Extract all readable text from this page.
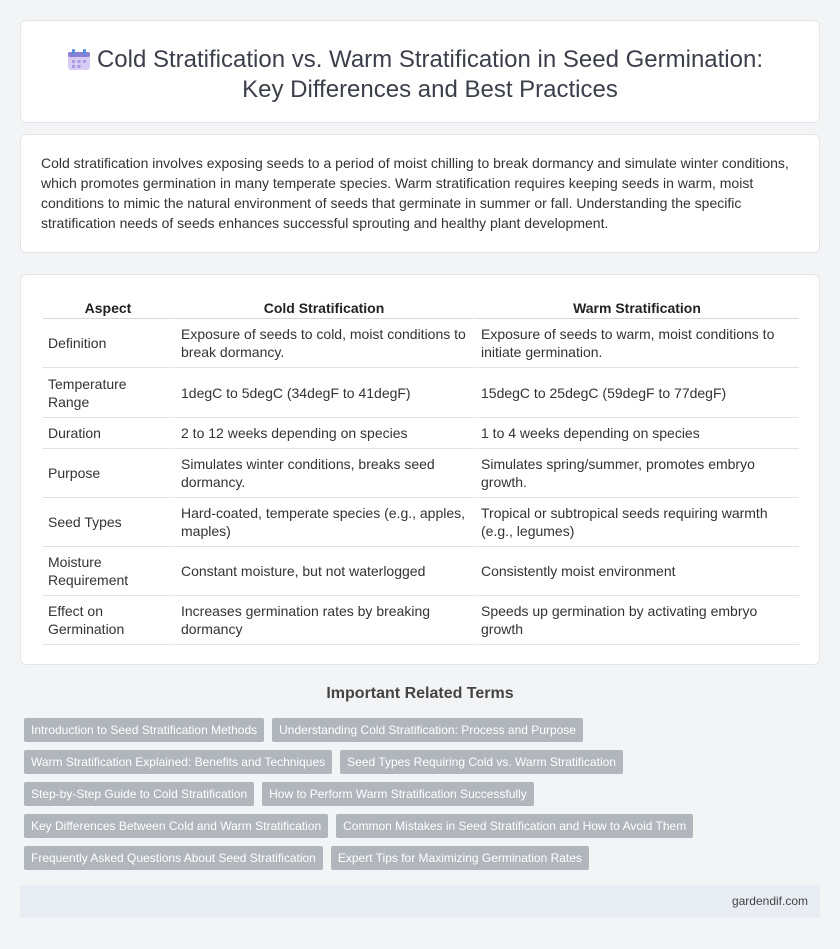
Cold Stratification vs. Warm Stratification in Seed Germination: Key Differences and Best Practices

Cold stratification involves exposing seeds to a period of moist chilling to break dormancy and simulate winter conditions, which promotes germination in many temperate species. Warm stratification requires keeping seeds in warm, moist conditions to mimic the natural environment of seeds that germinate in summer or fall. Understanding the specific stratification needs of seeds enhances successful sprouting and healthy plant development.

Aspect	Cold Stratification	Warm Stratification
Definition	Exposure of seeds to cold, moist conditions to break dormancy.	Exposure of seeds to warm, moist conditions to initiate germination.
Temperature Range	1degC to 5degC (34degF to 41degF)	15degC to 25degC (59degF to 77degF)
Duration	2 to 12 weeks depending on species	1 to 4 weeks depending on species
Purpose	Simulates winter conditions, breaks seed dormancy.	Simulates spring/summer, promotes embryo growth.
Seed Types	Hard-coated, temperate species (e.g., apples, maples)	Tropical or subtropical seeds requiring warmth (e.g., legumes)
Moisture Requirement	Constant moisture, but not waterlogged	Consistently moist environment
Effect on Germination	Increases germination rates by breaking dormancy	Speeds up germination by activating embryo growth
Important Related Terms
Introduction to Seed Stratification Methods	Understanding Cold Stratification: Process and Purpose
Warm Stratification Explained: Benefits and Techniques	Seed Types Requiring Cold vs. Warm Stratification
Step-by-Step Guide to Cold Stratification	How to Perform Warm Stratification Successfully
Key Differences Between Cold and Warm Stratification	Common Mistakes in Seed Stratification and How to Avoid Them
Frequently Asked Questions About Seed Stratification	Expert Tips for Maximizing Germination Rates
gardendif.com
